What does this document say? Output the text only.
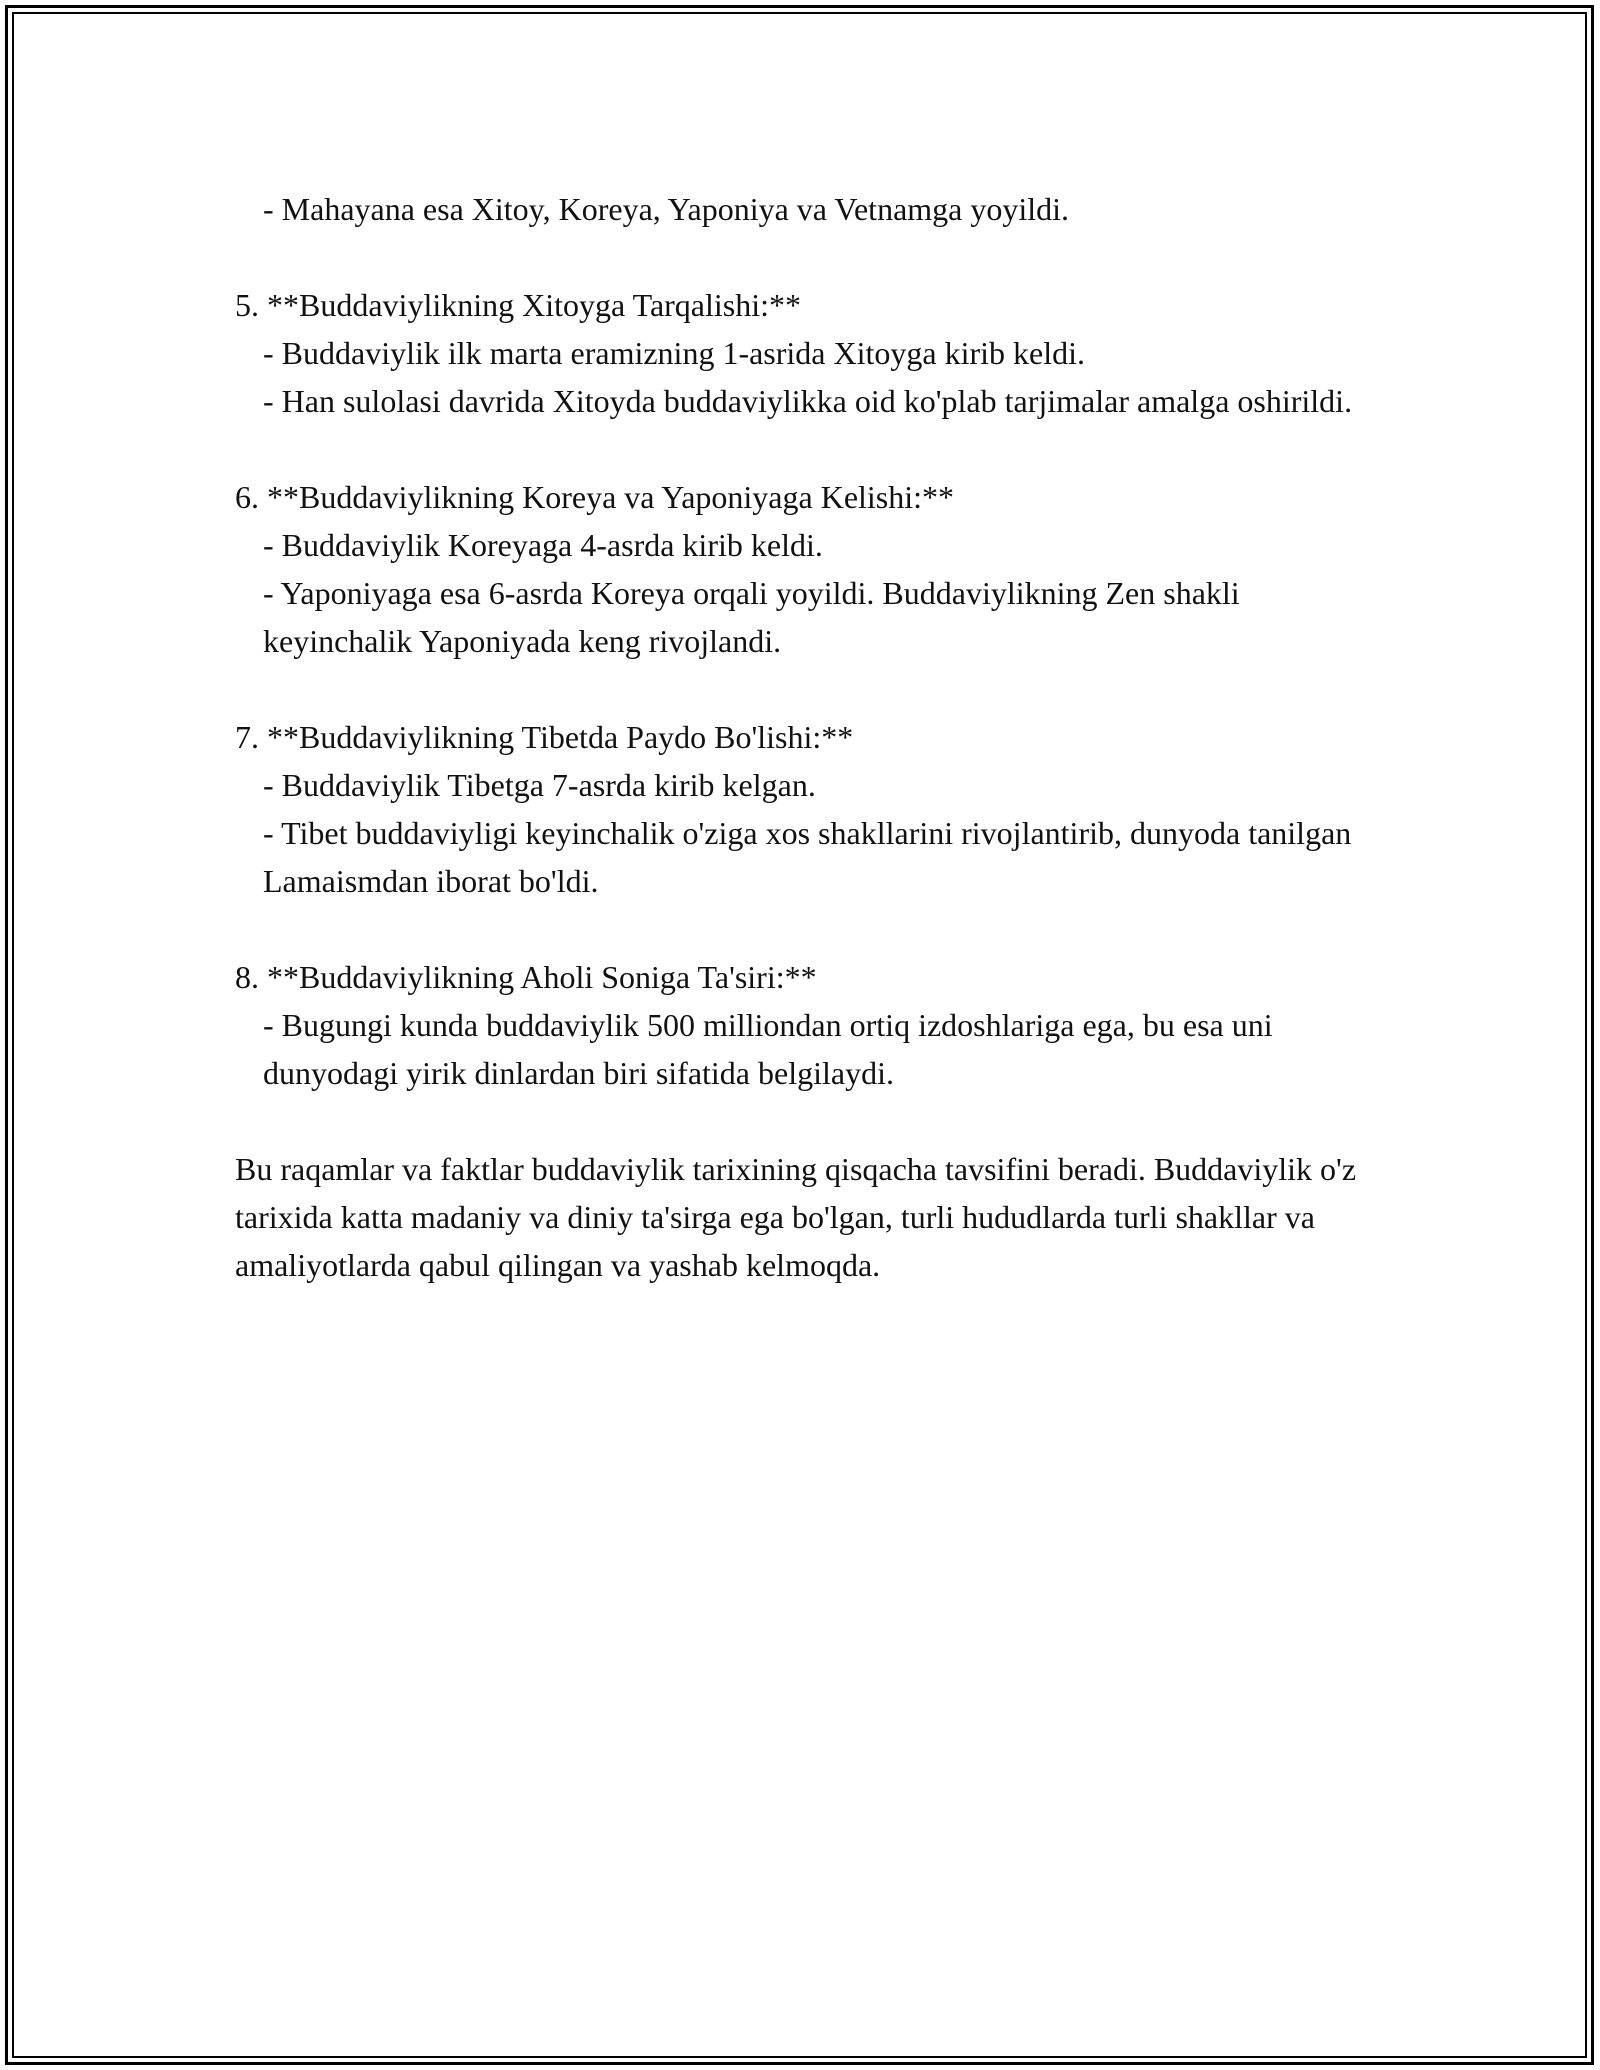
- Mahayana esa Xitoy, Koreya, Yaponiya va Vetnamga yoyildi.

5. **Buddaviylikning Xitoyga Tarqalishi:**

- Buddaviylik ilk marta eramizning 1-asrida Xitoyga kirib keldi.

- Han sulolasi davrida Xitoyda buddaviylikka oid ko'plab tarjimalar amalga oshirildi.

6. **Buddaviylikning Koreya va Yaponiyaga Kelishi:**

- Buddaviylik Koreyaga 4-asrda kirib keldi.

- Yaponiyaga esa 6-asrda Koreya orqali yoyildi. Buddaviylikning Zen shakli keyinchalik Yaponiyada keng rivojlandi.

7. **Buddaviylikning Tibetda Paydo Bo'lishi:**

- Buddaviylik Tibetga 7-asrda kirib kelgan.

- Tibet buddaviyligi keyinchalik o'ziga xos shakllarini rivojlantirib, dunyoda tanilgan Lamaismdan iborat bo'ldi.

8. **Buddaviylikning Aholi Soniga Ta'siri:**

- Bugungi kunda buddaviylik 500 milliondan ortiq izdoshlariga ega, bu esa uni dunyodagi yirik dinlardan biri sifatida belgilaydi.

Bu raqamlar va faktlar buddaviylik tarixining qisqacha tavsifini beradi. Buddaviylik o'z tarixida katta madaniy va diniy ta'sirga ega bo'lgan, turli hududlarda turli shakllar va amaliyotlarda qabul qilingan va yashab kelmoqda.
